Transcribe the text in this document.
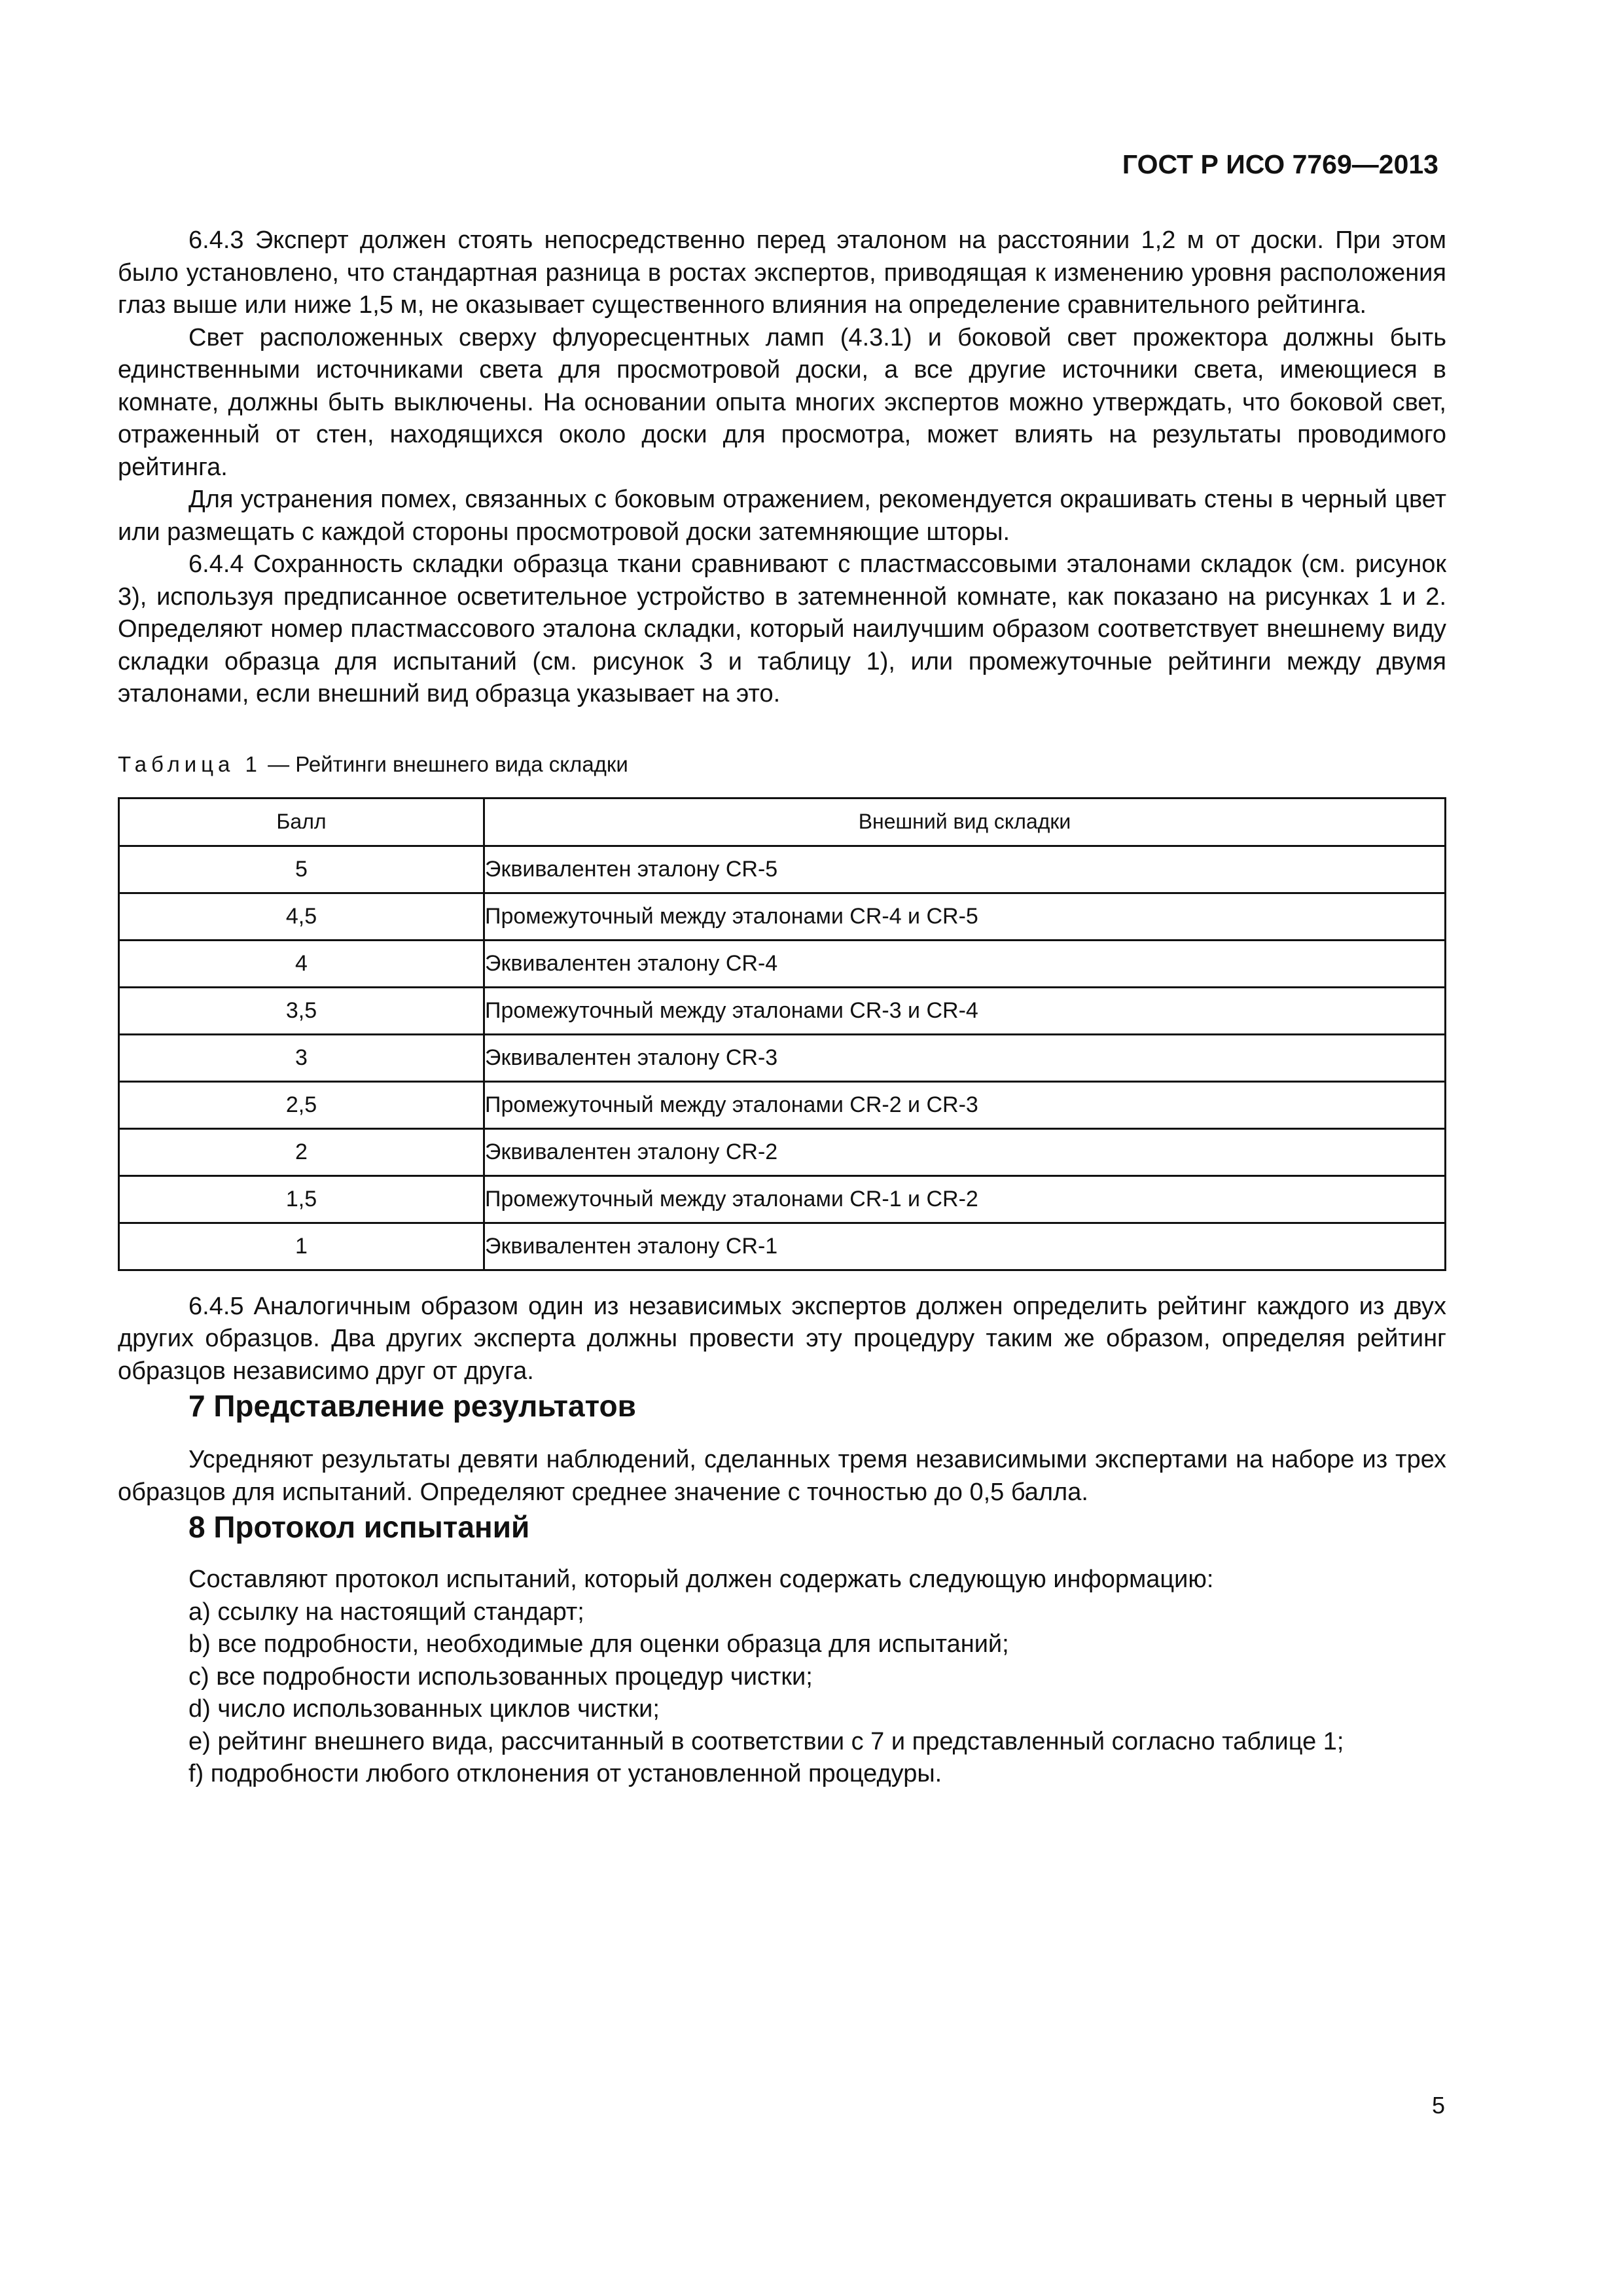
ГОСТ Р ИСО 7769—2013

6.4.3 Эксперт должен стоять непосредственно перед эталоном на расстоянии 1,2 м от доски. При этом было установлено, что стандартная разница в ростах экспертов, приводящая к изменению уровня расположения глаз выше или ниже 1,5 м, не оказывает существенного влияния на определение сравнительного рейтинга.

Свет расположенных сверху флуоресцентных ламп (4.3.1) и боковой свет прожектора должны быть единственными источниками света для просмотровой доски, а все другие источники света, имеющиеся в комнате, должны быть выключены. На основании опыта многих экспертов можно утверждать, что боковой свет, отраженный от стен, находящихся около доски для просмотра, может влиять на результаты проводимого рейтинга.

Для устранения помех, связанных с боковым отражением, рекомендуется окрашивать стены в черный цвет или размещать с каждой стороны просмотровой доски затемняющие шторы.

6.4.4 Сохранность складки образца ткани сравнивают с пластмассовыми эталонами складок (см. рисунок 3), используя предписанное осветительное устройство в затемненной комнате, как показано на рисунках 1 и 2. Определяют номер пластмассового эталона складки, который наилучшим образом соответствует внешнему виду складки образца для испытаний (см. рисунок 3 и таблицу 1), или промежуточные рейтинги между двумя эталонами, если внешний вид образца указывает на это.

Таблица 1 — Рейтинги внешнего вида складки

Балл	Внешний вид складки
5	Эквивалентен эталону CR-5
4,5	Промежуточный между эталонами CR-4 и CR-5
4	Эквивалентен эталону CR-4
3,5	Промежуточный между эталонами CR-3 и CR-4
3	Эквивалентен эталону CR-3
2,5	Промежуточный между эталонами CR-2 и CR-3
2	Эквивалентен эталону CR-2
1,5	Промежуточный между эталонами CR-1 и CR-2
1	Эквивалентен эталону CR-1

6.4.5 Аналогичным образом один из независимых экспертов должен определить рейтинг каждого из двух других образцов. Два других эксперта должны провести эту процедуру таким же образом, определяя рейтинг образцов независимо друг от друга.

7 Представление результатов

Усредняют результаты девяти наблюдений, сделанных тремя независимыми экспертами на наборе из трех образцов для испытаний. Определяют среднее значение с точностью до 0,5 балла.

8 Протокол испытаний

Составляют протокол испытаний, который должен содержать следующую информацию:

a) ссылку на настоящий стандарт;
b) все подробности, необходимые для оценки образца для испытаний;
c) все подробности использованных процедур чистки;
d) число использованных циклов чистки;
e) рейтинг внешнего вида, рассчитанный в соответствии с 7 и представленный согласно таблице 1;
f) подробности любого отклонения от установленной процедуры.

5
